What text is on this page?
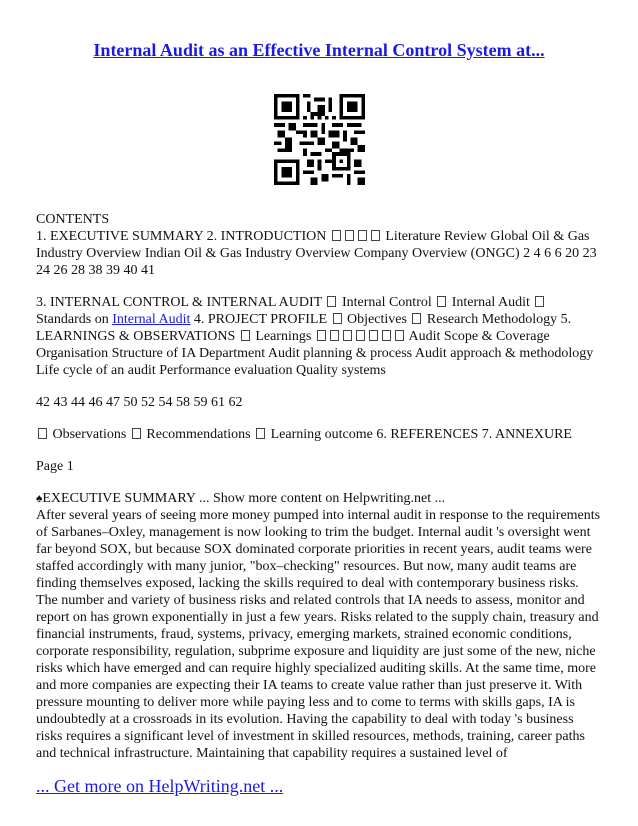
Internal Audit as an Effective Internal Control System at...

CONTENTS
1. EXECUTIVE SUMMARY 2. INTRODUCTION	Literature Review Global Oil & Gas Industry Overview Indian Oil & Gas Industry Overview Company Overview (ONGC) 2 4 6 6 20 23 24 26 28 38 39 40 41

3. INTERNAL CONTROL & INTERNAL AUDIT Internal Control Internal Audit  Standards on Internal Audit 4. PROJECT PROFILE Objectives Research Methodology 5. LEARNINGS & OBSERVATIONS Learnings	Audit Scope & Coverage Organisation Structure of IA Department Audit planning & process Audit approach & methodology Life cycle of an audit Performance evaluation Quality systems

42 43 44 46 47 50 52 54 58 59 61 62

Observations Recommendations Learning outcome 6. REFERENCES 7. ANNEXURE

Page 1

♠EXECUTIVE SUMMARY ... Show more content on Helpwriting.net ...
After several years of seeing more money pumped into internal audit in response to the requirements of Sarbanes–Oxley, management is now looking to trim the budget. Internal audit 's oversight went far beyond SOX, but because SOX dominated corporate priorities in recent years, audit teams were staffed accordingly with many junior, "box–checking" resources. But now, many audit teams are finding themselves exposed, lacking the skills required to deal with contemporary business risks. The number and variety of business risks and related controls that IA needs to assess, monitor and report on has grown exponentially in just a few years. Risks related to the supply chain, treasury and financial instruments, fraud, systems, privacy, emerging markets, strained economic conditions, corporate responsibility, regulation, subprime exposure and liquidity are just some of the new, niche risks which have emerged and can require highly specialized auditing skills. At the same time, more and more companies are expecting their IA teams to create value rather than just preserve it. With pressure mounting to deliver more while paying less and to come to terms with skills gaps, IA is undoubtedly at a crossroads in its evolution. Having the capability to deal with today 's business risks requires a significant level of investment in skilled resources, methods, training, career paths and technical infrastructure. Maintaining that capability requires a sustained level of

... Get more on HelpWriting.net ...
